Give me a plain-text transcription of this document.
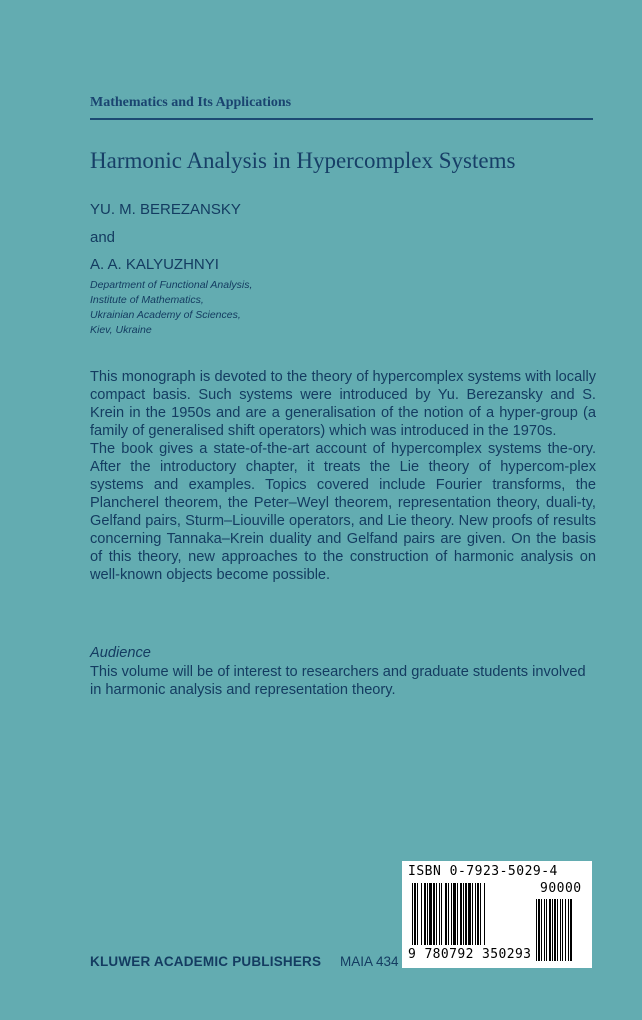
Mathematics and Its Applications
Harmonic Analysis in Hypercomplex Systems
YU. M. BEREZANSKY
and
A. A. KALYUZHNYI
Department of Functional Analysis,
Institute of Mathematics,
Ukrainian Academy of Sciences,
Kiev, Ukraine

This monograph is devoted to the theory of hypercomplex systems with locally compact basis. Such systems were introduced by Yu. Berezansky and S. Krein in the 1950s and are a generalisation of the notion of a hyper-group (a family of generalised shift operators) which was introduced in the 1970s.

The book gives a state-of-the-art account of hypercomplex systems the-ory. After the introductory chapter, it treats the Lie theory of hypercom-plex systems and examples. Topics covered include Fourier transforms, the Plancherel theorem, the Peter–Weyl theorem, representation theory, duali-ty, Gelfand pairs, Sturm–Liouville operators, and Lie theory. New proofs of results concerning Tannaka–Krein duality and Gelfand pairs are given. On the basis of this theory, new approaches to the construction of harmonic analysis on well-known objects become possible.

Audience
This volume will be of interest to researchers and graduate students involved in harmonic analysis and representation theory.
KLUWER ACADEMIC PUBLISHERS MAIA 434
ISBN 0-7923-5029-4
90000
9 780792 350293
